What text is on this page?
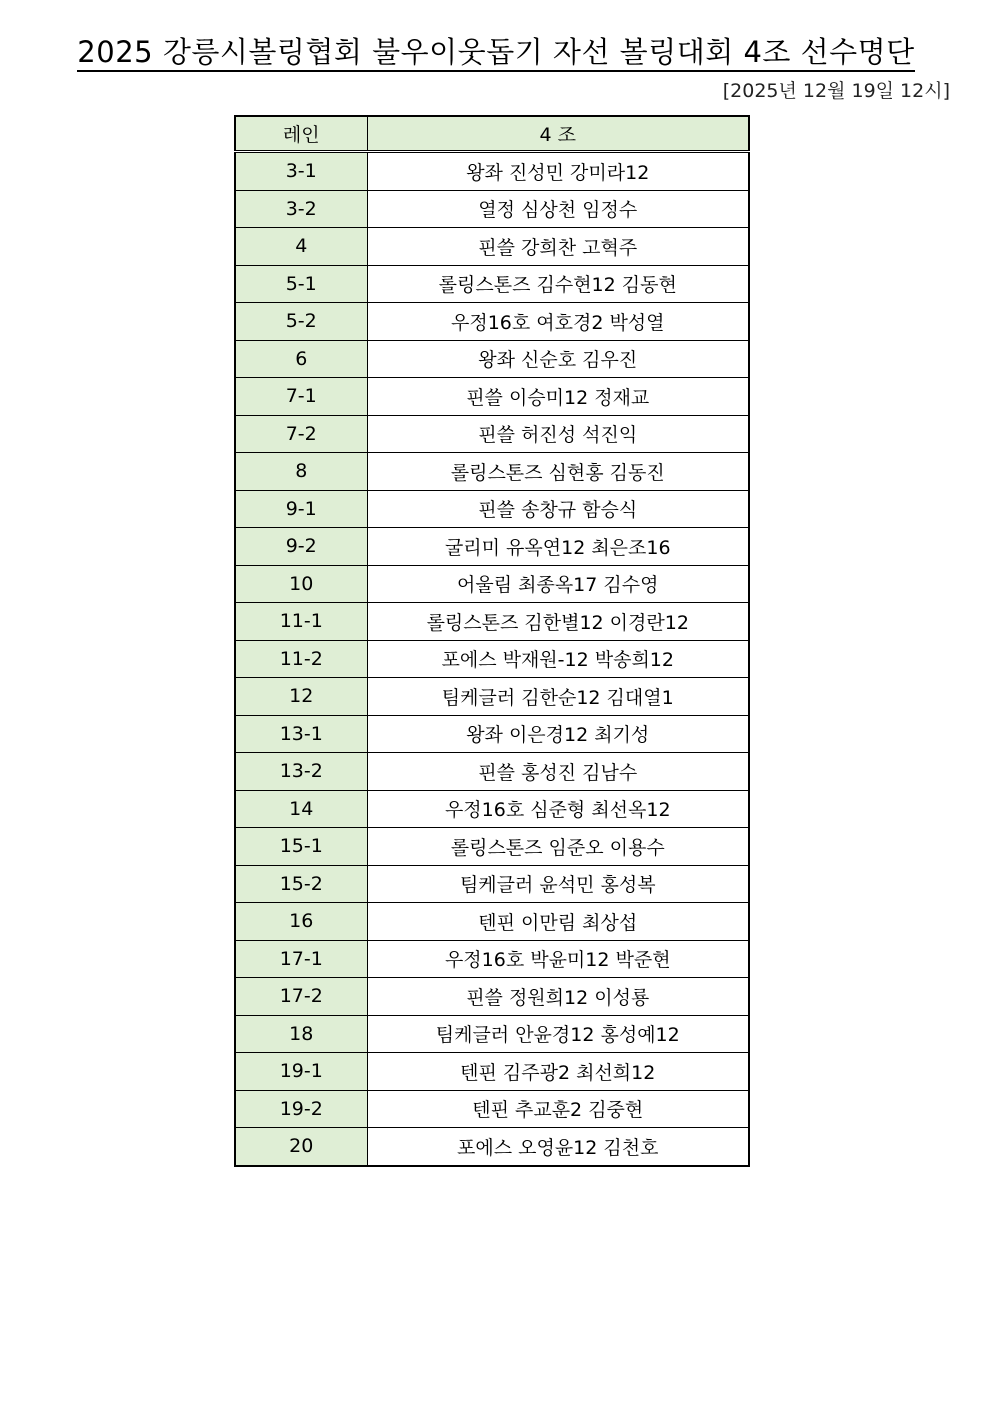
2025 강릉시볼링협회 불우이웃돕기 자선 볼링대회 4조 선수명단
[2025년 12월 19일 12시]
레인	4 조
3-1	왕좌 진성민 강미라12
3-2	열정 심상천 임정수
4	핀쓸 강희찬 고혁주
5-1	롤링스톤즈 김수현12 김동현
5-2	우정16호 여호경2 박성열
6	왕좌 신순호 김우진
7-1	핀쓸 이승미12 정재교
7-2	핀쓸 허진성 석진익
8	롤링스톤즈 심현홍 김동진
9-1	핀쓸 송창규 함승식
9-2	굴리미 유옥연12 최은조16
10	어울림 최종옥17 김수영
11-1	롤링스톤즈 김한별12 이경란12
11-2	포에스 박재원-12 박송희12
12	팀케글러 김한순12 김대열1
13-1	왕좌 이은경12 최기성
13-2	핀쓸 홍성진 김남수
14	우정16호 심준형 최선옥12
15-1	롤링스톤즈 임준오 이용수
15-2	팀케글러 윤석민 홍성복
16	텐핀 이만림 최상섭
17-1	우정16호 박윤미12 박준현
17-2	핀쓸 정원희12 이성룡
18	팀케글러 안윤경12 홍성예12
19-1	텐핀 김주광2 최선희12
19-2	텐핀 추교훈2 김중현
20	포에스 오영윤12 김천호
